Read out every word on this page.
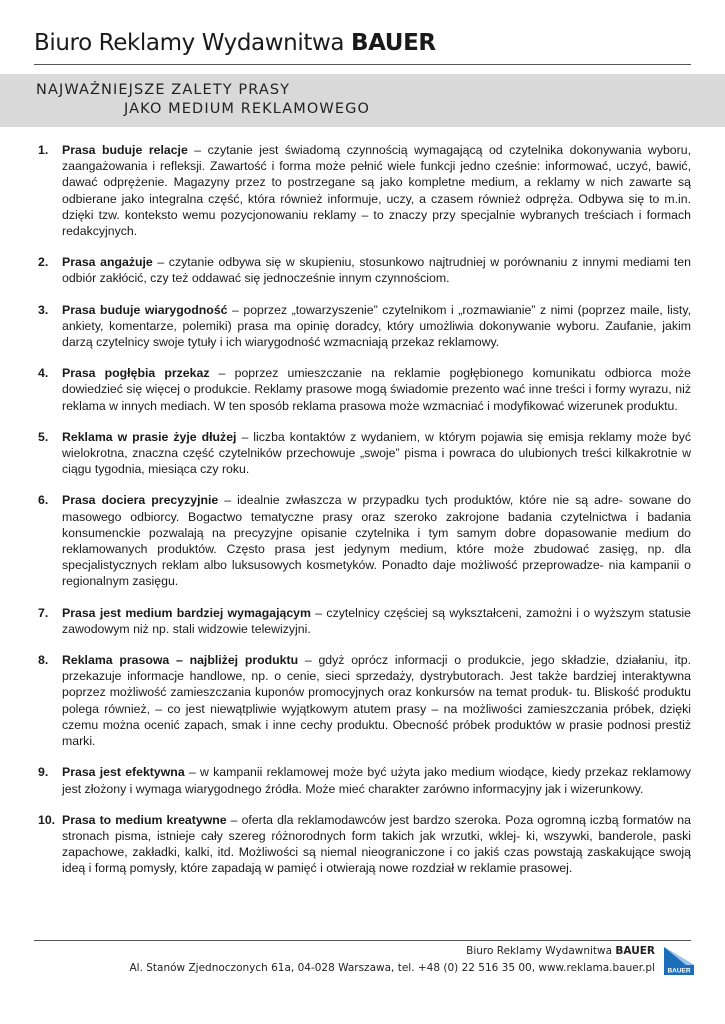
Biuro Reklamy Wydawnitwa BAUER
NAJWAŻNIEJSZE ZALETY PRASY
JAKO MEDIUM REKLAMOWEGO
1.	Prasa buduje relacje – czytanie jest świadomą czynnością wymagającą od czytelnika dokonywania wyboru, zaangażowania i refleksji. Zawartość i forma może pełnić wiele funkcji jedno cześnie: informować, uczyć, bawić, dawać odprężenie. Magazyny przez to postrzegane są jako kompletne medium, a reklamy w nich zawarte są odbierane jako integralna część, która również informuje, uczy, a czasem również odpręża. Odbywa się to m.in. dzięki tzw. kontekstо wemu pozycjonowaniu reklamy – to znaczy przy specjalnie wybranych treściach i formach redakcyjnych.

2.	Prasa angażuje – czytanie odbywa się w skupieniu, stosunkowo najtrudniej w porównaniu z innymi mediami ten odbiór zakłócić, czy też oddawać się jednocześnie innym czynnościom.

3.	Prasa buduje wiarygodność – poprzez „towarzyszenie” czytelnikom i „rozmawianie” z nimi (poprzez maile, listy, ankiety, komentarze, polemiki) prasa ma opinię doradcy, który umożliwia dokonywanie wyboru. Zaufanie, jakim darzą czytelnicy swoje tytuły i ich wiarygodność wzmacniają przekaz reklamowy.

4.	Prasa pogłębia przekaz – poprzez umieszczanie na reklamie pogłębionego komunikatu odbiorca może dowiedzieć się więcej o produkcie. Reklamy prasowe mogą świadomie prezento wać inne treści i formy wyrazu, niż reklama w innych mediach. W ten sposób reklama prasowa może wzmacniać i modyfikować wizerunek produktu.

5.	Reklama w prasie żyje dłużej – liczba kontaktów z wydaniem, w którym pojawia się emisja reklamy może być wielokrotna, znaczna część czytelników przechowuje „swoje” pisma i powraca do ulubionych treści kilkakrotnie w ciągu tygodnia, miesiąca czy roku.

6.	Prasa dociera precyzyjnie – idealnie zwłaszcza w przypadku tych produktów, które nie są adre- sowane do masowego odbiorcy. Bogactwo tematyczne prasy oraz szeroko zakrojone badania czytelnictwa i badania konsumenckie pozwalają na precyzyjne opisanie czytelnika i tym samym dobre dopasowanie medium do reklamowanych produktów. Często prasa jest jedynym medium, które może zbudować zasięg, np. dla specjalistycznych reklam albo luksusowych kosmetyków. Ponadto daje możliwość przeprowadze- nia kampanii o regionalnym zasięgu.

7.	Prasa jest medium bardziej wymagającym – czytelnicy częściej są wykształceni, zamożni i o wyższym statusie zawodowym niż np. stali widzowie telewizyjni.

8.	Reklama prasowa – najbliżej produktu – gdyż oprócz informacji o produkcie, jego składzie, działaniu, itp. przekazuje informacje handlowe, np. o cenie, sieci sprzedaży, dystrybutorach. Jest także bardziej interaktywna poprzez możliwość zamieszczania kuponów promocyjnych oraz konkursów na temat produk- tu. Bliskość produktu polega również, – co jest niewątpliwie wyjątkowym atutem prasy – na możliwości zamieszczania próbek, dzięki czemu można ocenić zapach, smak i inne cechy produktu. Obecność próbek produktów w prasie podnosi prestiż marki.

9.	Prasa jest efektywna – w kampanii reklamowej może być użyta jako medium wiodące, kiedy przekaz reklamowy jest złożony i wymaga wiarygodnego źródła. Może mieć charakter zarówno informacyjny jak i wizerunkowy.

10. Prasa to medium kreatywne – oferta dla reklamodawców jest bardzo szeroka. Poza ogromną iczbą formatów na stronach pisma, istnieje cały szereg różnorodnych form takich jak wrzutki, wklej- ki, wszywki, banderole, paski zapachowe, zakładki, kalki, itd. Możliwości są niemal nieograniczone i co jakiś czas powstają zaskakujące swoją ideą i formą pomysły, które zapadają w pamięć i otwierają nowe rozdział w reklamie prasowej.

Biuro Reklamy Wydawnitwa BAUER
Al. Stanów Zjednoczonych 61a, 04-028 Warszawa, tel. +48 (0) 22 516 35 00, www.reklama.bauer.pl BAUER
